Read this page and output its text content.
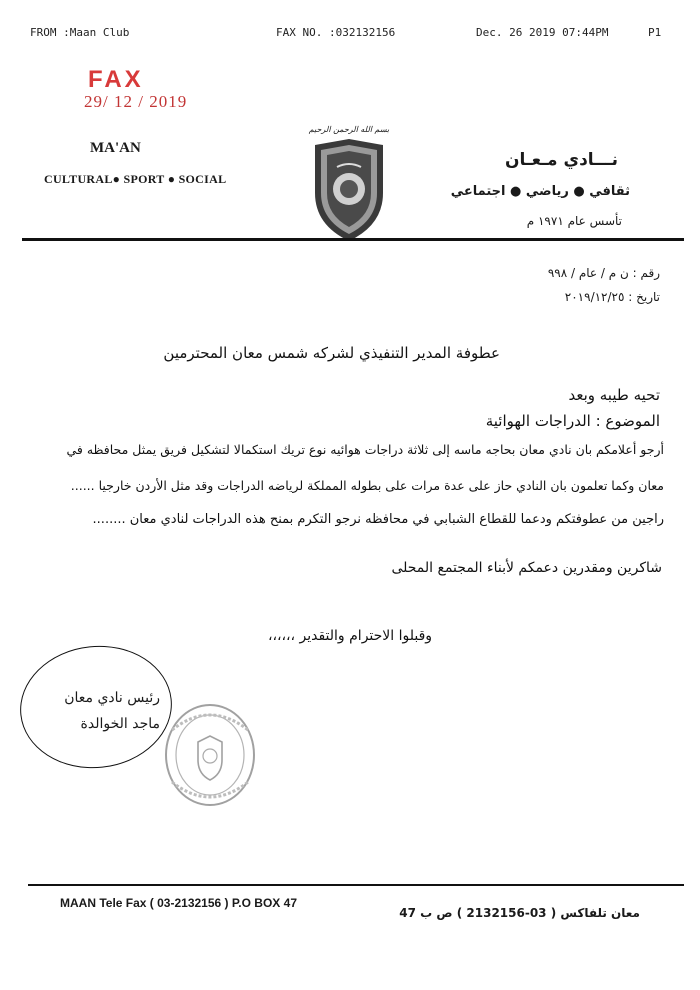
FROM :Maan Club	FAX NO. :032132156	Dec. 26 2019 07:44PM	P1
FAX
29/ 12 / 2019
MA'AN
CULTURAL● SPORT ● SOCIAL
بسم الله الرحمن الرحيم
نـــادي مـعـان
ثقافي ● رياضي ● اجتماعي
تأسس عام ١٩٧١ م
رقم : ن م / عام / ٩٩٨
تاريخ : ٢٠١٩/١٢/٢٥
عطوفة المدير التنفيذي لشركه شمس معان المحترمين
تحيه طيبه وبعد
الموضوع : الدراجات الهوائية
أرجو أعلامكم بان نادي معان بحاجه ماسه إلى ثلاثة دراجات هوائيه نوع تريك استكمالا لتشكيل فريق يمثل محافظه في
معان وكما تعلمون بان النادي حاز على عدة مرات على بطوله المملكة لرياضه الدراجات وقد مثل الأردن خارجيا ......
راجين من عطوفتكم ودعما للقطاع الشبابي في محافظه نرجو التكرم بمنح هذه الدراجات لنادي معان ........
شاكرين ومقدرين دعمكم لأبناء المجتمع المحلى
وقبلوا الاحترام والتقدير ،،،،،،
رئيس نادي معان
ماجد الخوالدة
MAAN Tele Fax ( 03-2132156 ) P.O BOX 47
معان تلفاكس ( 03-2132156 ) ص ب 47
